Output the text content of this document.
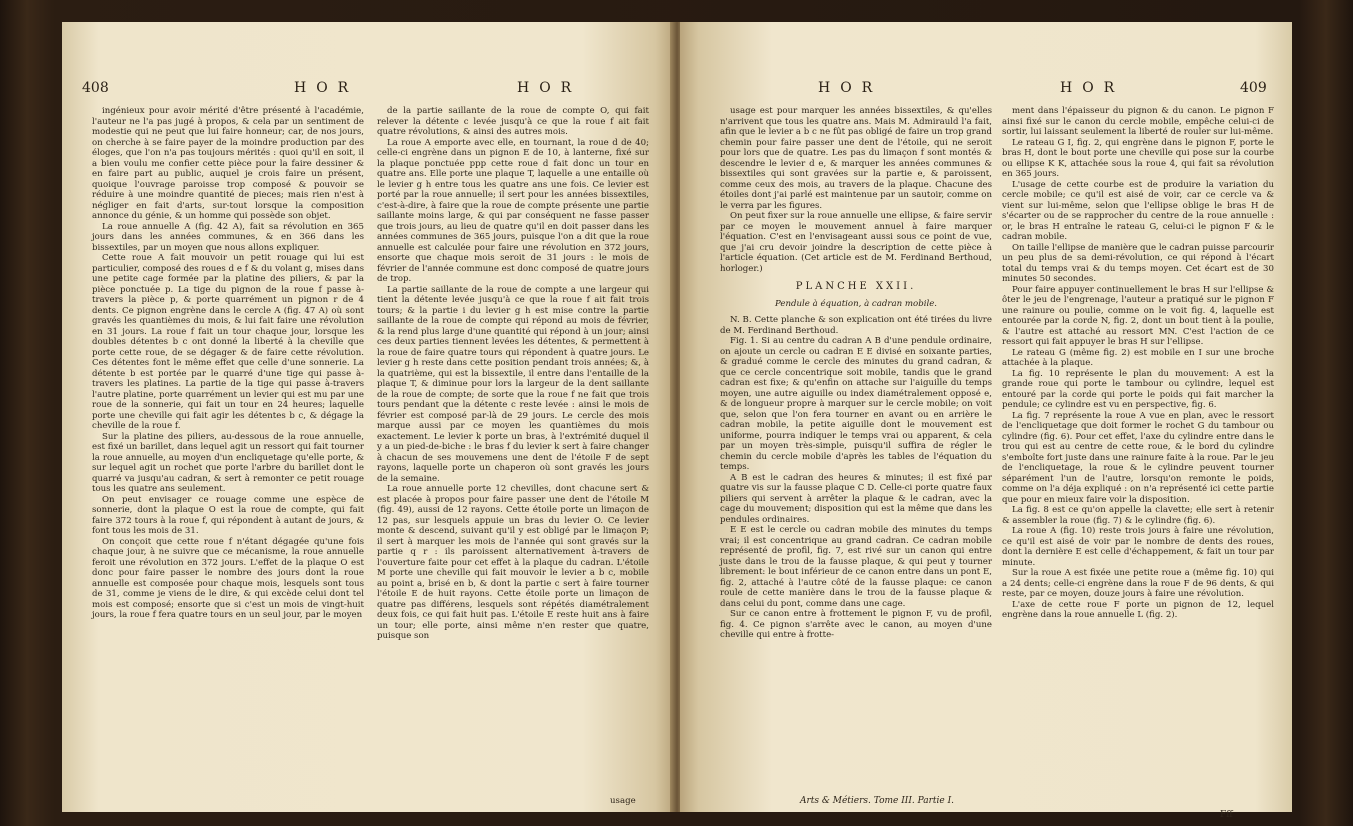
408	HOR	HOR

ingénieux pour avoir mérité d'être présenté à l'académie, l'auteur ne l'a pas jugé à propos, & cela par un sentiment de modestie qui ne peut que lui faire honneur; car, de nos jours, on cherche à se faire payer de la moindre production par des éloges, que l'on n'a pas toujours mérités : quoi qu'il en soit, il a bien voulu me confier cette pièce pour la faire dessiner & en faire part au public, auquel je crois faire un présent, quoique l'ouvrage paroisse trop composé & pouvoir se réduire à une moindre quantité de pieces; mais rien n'est à négliger en fait d'arts, sur-tout lorsque la composition annonce du génie, & un homme qui possède son objet.

La roue annuelle A (fig. 42 A), fait sa révolution en 365 jours dans les années communes, & en 366 dans les bissextiles, par un moyen que nous allons expliquer.

Cette roue A fait mouvoir un petit rouage qui lui est particulier, composé des roues d e f & du volant g, mises dans une petite cage formée par la platine des piliers, & par la pièce ponctuée p. La tige du pignon de la roue f passe à-travers la pièce p, & porte quarrément un pignon r de 4 dents. Ce pignon engrène dans le cercle A (fig. 47 A) où sont gravés les quantièmes du mois, & lui fait faire une révolution en 31 jours. La roue f fait un tour chaque jour, lorsque les doubles détentes b c ont donné la liberté à la cheville que porte cette roue, de se dégager & de faire cette révolution. Ces détentes font le même effet que celle d'une sonnerie. La détente b est portée par le quarré d'une tige qui passe à-travers les platines. La partie de la tige qui passe à-travers l'autre platine, porte quarrément un levier qui est mu par une roue de la sonnerie, qui fait un tour en 24 heures; laquelle porte une cheville qui fait agir les détentes b c, & dégage la cheville de la roue f.

Sur la platine des piliers, au-dessous de la roue annuelle, est fixé un barillet, dans lequel agit un ressort qui fait tourner la roue annuelle, au moyen d'un encliquetage qu'elle porte, & sur lequel agit un rochet que porte l'arbre du barillet dont le quarré va jusqu'au cadran, & sert à remonter ce petit rouage tous les quatre ans seulement.

On peut envisager ce rouage comme une espèce de sonnerie, dont la plaque O est la roue de compte, qui fait faire 372 tours à la roue f, qui répondent à autant de jours, & font tous les mois de 31.

On conçoit que cette roue f n'étant dégagée qu'une fois chaque jour, à ne suivre que ce mécanisme, la roue annuelle feroit une révolution en 372 jours. L'effet de la plaque O est donc pour faire passer le nombre des jours dont la roue annuelle est composée pour chaque mois, lesquels sont tous de 31, comme je viens de le dire, & qui excède celui dont tel mois est composé; ensorte que si c'est un mois de vingt-huit jours, la roue f fera quatre tours en un seul jour, par le moyen

de la partie saillante de la roue de compte O, qui fait relever la détente c levée jusqu'à ce que la roue f ait fait quatre révolutions, & ainsi des autres mois.

La roue A emporte avec elle, en tournant, la roue d de 40; celle-ci engrène dans un pignon E de 10, à lanterne, fixé sur la plaque ponctuée ppp cette roue d fait donc un tour en quatre ans. Elle porte une plaque T, laquelle a une entaille où le levier g h entre tous les quatre ans une fois. Ce levier est porté par la roue annuelle; il sert pour les années bissextiles, c'est-à-dire, à faire que la roue de compte présente une partie saillante moins large, & qui par conséquent ne fasse passer que trois jours, au lieu de quatre qu'il en doit passer dans les années communes de 365 jours, puisque l'on a dit que la roue annuelle est calculée pour faire une révolution en 372 jours, ensorte que chaque mois seroit de 31 jours : le mois de février de l'année commune est donc composé de quatre jours de trop.

La partie saillante de la roue de compte a une largeur qui tient la détente levée jusqu'à ce que la roue f ait fait trois tours; & la partie i du levier g h est mise contre la partie saillante de la roue de compte qui répond au mois de février, & la rend plus large d'une quantité qui répond à un jour; ainsi ces deux parties tiennent levées les détentes, & permettent à la roue de faire quatre tours qui répondent à quatre jours. Le levier g h reste dans cette position pendant trois années; &, à la quatrième, qui est la bissextile, il entre dans l'entaille de la plaque T, & diminue pour lors la largeur de la dent saillante de la roue de compte; de sorte que la roue f ne fait que trois tours pendant que la détente c reste levée : ainsi le mois de février est composé par-là de 29 jours. Le cercle des mois marque aussi par ce moyen les quantièmes du mois exactement. Le levier k porte un bras, à l'extrémité duquel il y a un pied-de-biche : le bras f du levier k sert à faire changer à chacun de ses mouvemens une dent de l'étoile F de sept rayons, laquelle porte un chaperon où sont gravés les jours de la semaine.

La roue annuelle porte 12 chevilles, dont chacune sert & est placée à propos pour faire passer une dent de l'étoile M (fig. 49), aussi de 12 rayons. Cette étoile porte un limaçon de 12 pas, sur lesquels appuie un bras du levier O. Ce levier monte & descend, suivant qu'il y est obligé par le limaçon P; il sert à marquer les mois de l'année qui sont gravés sur la partie q r : ils paroissent alternativement à-travers de l'ouverture faite pour cet effet à la plaque du cadran. L'étoile M porte une cheville qui fait mouvoir le levier a b c, mobile au point a, brisé en b, & dont la partie c sert à faire tourner l'étoile E de huit rayons. Cette étoile porte un limaçon de quatre pas différens, lesquels sont répétés diamétralement deux fois, ce qui fait huit pas. L'étoile E reste huit ans à faire un tour; elle porte, ainsi même n'en rester que quatre, puisque son

usage
HOR	HOR	409

usage est pour marquer les années bissextiles, & qu'elles n'arrivent que tous les quatre ans. Mais M. Admirauld l'a fait, afin que le levier a b c ne fût pas obligé de faire un trop grand chemin pour faire passer une dent de l'étoile, qui ne seroit pour lors que de quatre. Les pas du limaçon f sont montés & descendre le levier d e, & marquer les années communes & bissextiles qui sont gravées sur la partie e, & paroissent, comme ceux des mois, au travers de la plaque. Chacune des étoiles dont j'ai parlé est maintenue par un sautoir, comme on le verra par les figures.

On peut fixer sur la roue annuelle une ellipse, & faire servir par ce moyen le mouvement annuel à faire marquer l'équation. C'est en l'envisageant aussi sous ce point de vue, que j'ai cru devoir joindre la description de cette pièce à l'article équation. (Cet article est de M. Ferdinand Berthoud, horloger.)

PLANCHE XXII.

Pendule à équation, à cadran mobile.

N. B. Cette planche & son explication ont été tirées du livre de M. Ferdinand Berthoud.

Fig. 1. Si au centre du cadran A B d'une pendule ordinaire, on ajoute un cercle ou cadran E E divisé en soixante parties, & gradué comme le cercle des minutes du grand cadran, & que ce cercle concentrique soit mobile, tandis que le grand cadran est fixe; & qu'enfin on attache sur l'aiguille du temps moyen, une autre aiguille ou index diamétralement opposé e, & de longueur propre à marquer sur le cercle mobile; on voit que, selon que l'on fera tourner en avant ou en arrière le cadran mobile, la petite aiguille dont le mouvement est uniforme, pourra indiquer le temps vrai ou apparent, & cela par un moyen très-simple, puisqu'il suffira de régler le chemin du cercle mobile d'après les tables de l'équation du temps.

A B est le cadran des heures & minutes; il est fixé par quatre vis sur la fausse plaque C D. Celle-ci porte quatre faux piliers qui servent à arrêter la plaque & le cadran, avec la cage du mouvement; disposition qui est la même que dans les pendules ordinaires.

E E est le cercle ou cadran mobile des minutes du temps vrai; il est concentrique au grand cadran. Ce cadran mobile représenté de profil, fig. 7, est rivé sur un canon qui entre juste dans le trou de la fausse plaque, & qui peut y tourner librement: le bout inférieur de ce canon entre dans un pont E, fig. 2, attaché à l'autre côté de la fausse plaque: ce canon roule de cette manière dans le trou de la fausse plaque & dans celui du pont, comme dans une cage.

Sur ce canon entre à frottement le pignon F, vu de profil, fig. 4. Ce pignon s'arrête avec le canon, au moyen d'une cheville qui entre à frotte-

ment dans l'épaisseur du pignon & du canon. Le pignon F ainsi fixé sur le canon du cercle mobile, empêche celui-ci de sortir, lui laissant seulement la liberté de rouler sur lui-même.

Le rateau G I, fig. 2, qui engrène dans le pignon F, porte le bras H, dont le bout porte une cheville qui pose sur la courbe ou ellipse K K, attachée sous la roue 4, qui fait sa révolution en 365 jours.

L'usage de cette courbe est de produire la variation du cercle mobile; ce qu'il est aisé de voir, car ce cercle va & vient sur lui-même, selon que l'ellipse oblige le bras H de s'écarter ou de se rapprocher du centre de la roue annuelle : or, le bras H entraîne le rateau G, celui-ci le pignon F & le cadran mobile.

On taille l'ellipse de manière que le cadran puisse parcourir un peu plus de sa demi-révolution, ce qui répond à l'écart total du temps vrai & du temps moyen. Cet écart est de 30 minutes 50 secondes.

Pour faire appuyer continuellement le bras H sur l'ellipse & ôter le jeu de l'engrenage, l'auteur a pratiqué sur le pignon F une rainure ou poulie, comme on le voit fig. 4, laquelle est entourée par la corde N, fig. 2, dont un bout tient à la poulie, & l'autre est attaché au ressort MN. C'est l'action de ce ressort qui fait appuyer le bras H sur l'ellipse.

Le rateau G (même fig. 2) est mobile en I sur une broche attachée à la plaque.

La fig. 10 représente le plan du mouvement: A est la grande roue qui porte le tambour ou cylindre, lequel est entouré par la corde qui porte le poids qui fait marcher la pendule; ce cylindre est vu en perspective, fig. 6.

La fig. 7 représente la roue A vue en plan, avec le ressort de l'encliquetage que doit former le rochet G du tambour ou cylindre (fig. 6). Pour cet effet, l'axe du cylindre entre dans le trou qui est au centre de cette roue, & le bord du cylindre s'emboîte fort juste dans une rainure faite à la roue. Par le jeu de l'encliquetage, la roue & le cylindre peuvent tourner séparément l'un de l'autre, lorsqu'on remonte le poids, comme on l'a déja expliqué : on n'a représenté ici cette partie que pour en mieux faire voir la disposition.

La fig. 8 est ce qu'on appelle la clavette; elle sert à retenir & assembler la roue (fig. 7) & le cylindre (fig. 6).

La roue A (fig. 10) reste trois jours à faire une révolution, ce qu'il est aisé de voir par le nombre de dents des roues, dont la dernière E est celle d'échappement, & fait un tour par minute.

Sur la roue A est fixée une petite roue a (même fig. 10) qui a 24 dents; celle-ci engrène dans la roue F de 96 dents, & qui reste, par ce moyen, douze jours à faire une révolution.

L'axe de cette roue F porte un pignon de 12, lequel engrène dans la roue annuelle L (fig. 2).

Arts & Métiers. Tome III. Partie I.
Fff
